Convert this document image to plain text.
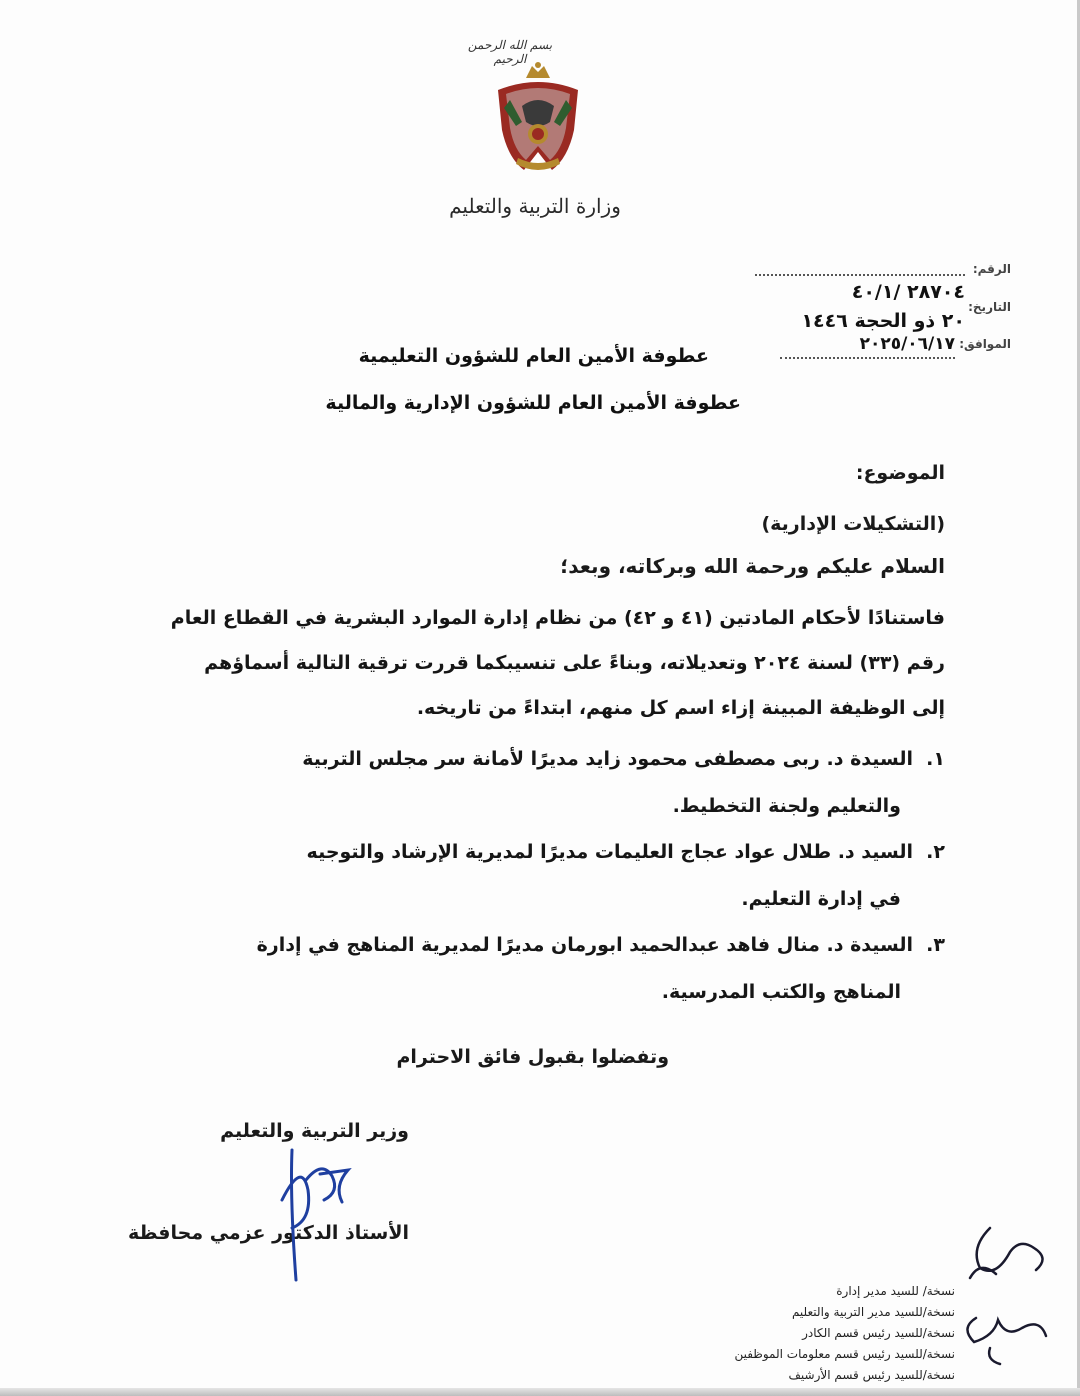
بسم الله الرحمن الرحيم
وزارة التربية والتعليم
الرقم:
٢٨٧٠٤ /٤٠/١
التاريخ:
٢٠ ذو الحجة ١٤٤٦
الموافق:
٢٠٢٥/٠٦/١٧
عطوفة الأمين العام للشؤون التعليمية
عطوفة الأمين العام للشؤون الإدارية والمالية
الموضوع:
(التشكيلات الإدارية)
السلام عليكم ورحمة الله وبركاته، وبعد؛
فاستنادًا لأحكام المادتين (٤١ و ٤٢) من نظام إدارة الموارد البشرية في القطاع العام
رقم (٣٣) لسنة ٢٠٢٤ وتعديلاته، وبناءً على تنسيبكما قررت ترقية التالية أسماؤهم
إلى الوظيفة المبينة إزاء اسم كل منهم، ابتداءً من تاريخه.
١.
السيدة د. ربى مصطفى محمود زايد مديرًا لأمانة سر مجلس التربية
والتعليم ولجنة التخطيط.
٢.
السيد د. طلال عواد عجاج العليمات مديرًا لمديرية الإرشاد والتوجيه
في إدارة التعليم.
٣.
السيدة د. منال فاهد عبدالحميد ابورمان مديرًا لمديرية المناهج في إدارة
المناهج والكتب المدرسية.
وتفضلوا بقبول فائق الاحترام
وزير التربية والتعليم
الأستاذ الدكتور عزمي محافظة
نسخة/ للسيد مدير إدارة
نسخة/للسيد مدير التربية والتعليم
نسخة/للسيد رئيس قسم الكادر
نسخة/للسيد رئيس قسم معلومات الموظفين
نسخة/للسيد رئيس قسم الأرشيف
